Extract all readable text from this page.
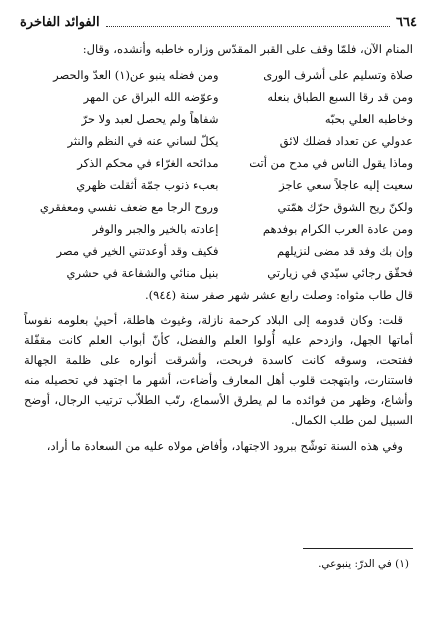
٦٦٤
الفوائد الفاخرة

المنام الآن، فلمّا وقف على القبر المقدّس وزاره خاطبه وأنشده، وقال:

صلاة وتسليم على أشرف الورى	ومن فضله ينبو عن(١) العدّ والحصر
ومن قد رقا السبع الطباق بنعله	وعوّضه الله البراق عن المهر
وخاطبه العلي بحبّه	شفاهاً ولم يحصل لعبد ولا حرّ
عدولي عن تعداد فضلك لائق	يكلّ لساني عنه في النظم والنثر
وماذا يقول الناس في مدح من أتت	مدائحه الغرّاء في محكم الذكر
سعيت إليه عاجلاً سعي عاجز	بعبء ذنوب جمّة أثقلت ظهري
ولكنّ ريح الشوق حرّك همّتي	وروح الرجا مع ضعف نفسي ومعفقري
ومن عادة العرب الكرام بوفدهم	إعادته بالخير والجبر والوفر
وإن بك وفد قد مضى لنزيلهم	فكيف وقد أوعدتني الخير في مصر
فحقّق رجائي سيّدي في زيارتي	بنيل منائي والشفاعة في حشري

قال طاب مثواه: وصلت رابع عشر شهر صفر سنة (٩٤٤).

قلت: وكان قدومه إلى البلاد كرحمة نازلة، وغيوث هاطلة، أحييٰ بعلومه نفوساً أماتها الجهل، وازدحم عليه أُولوا العلم والفضل، كأنّ أبواب العلم كانت مقفّلة ففتحت، وسوقه كانت كاسدة فربحت، وأشرقت أنواره على ظلمة الجهالة فاستنارت، وابتهجت قلوب أهل المعارف وأضاءت، أشهر ما اجتهد في تحصيله منه وأشاع، وظهر من فوائده ما لم يطرق الأسماع، رتّب الطلاّب ترتيب الرجال، أوضح السبيل لمن طلب الكمال.

وفي هذه السنة توشّح ببرود الاجتهاد، وأفاض مولاه عليه من السعادة ما أراد،

(١) في الدرّ: ينبوعي.
